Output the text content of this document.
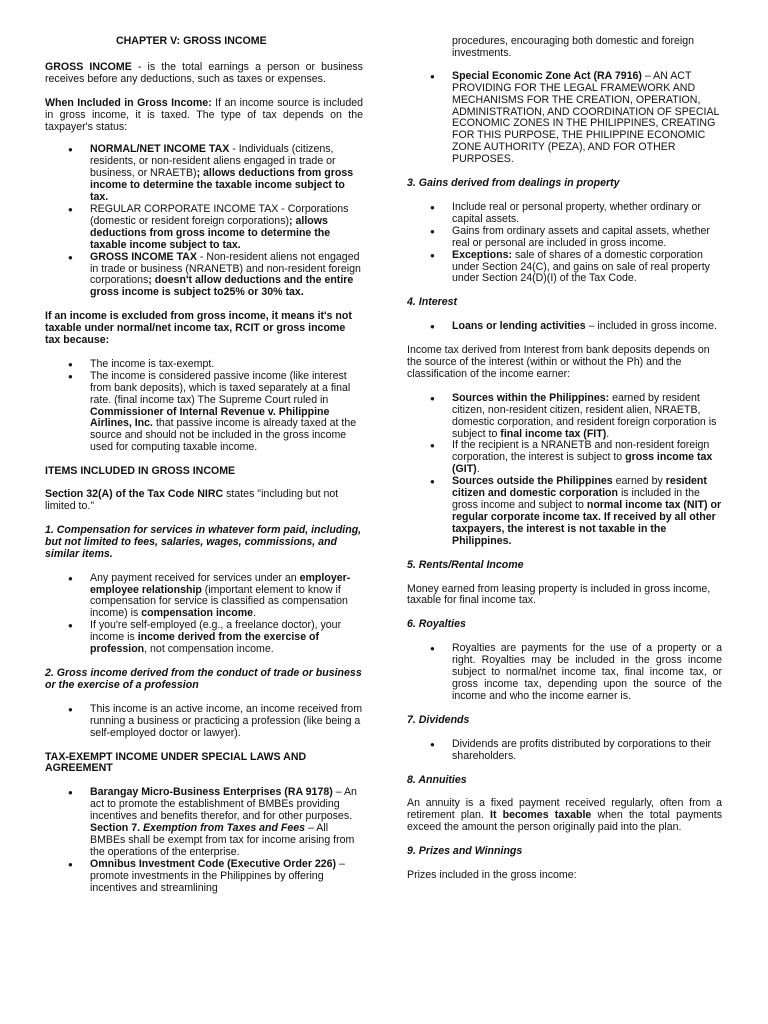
CHAPTER V: GROSS INCOME

GROSS INCOME - is the total earnings a person or business receives before any deductions, such as taxes or expenses.

When Included in Gross Income: If an income source is included in gross income, it is taxed. The type of tax depends on the taxpayer's status:

● NORMAL/NET INCOME TAX - Individuals (citizens, residents, or non-resident aliens engaged in trade or business, or NRAETB); allows deductions from gross income to determine the taxable income subject to tax.
● REGULAR CORPORATE INCOME TAX - Corporations (domestic or resident foreign corporations); allows deductions from gross income to determine the taxable income subject to tax.
● GROSS INCOME TAX - Non-resident aliens not engaged in trade or business (NRANETB) and non-resident foreign corporations; doesn't allow deductions and the entire gross income is subject to25% or 30% tax.

If an income is excluded from gross income, it means it's not taxable under normal/net income tax, RCIT or gross income tax because:

● The income is tax-exempt.
● The income is considered passive income (like interest from bank deposits), which is taxed separately at a final rate. (final income tax) The Supreme Court ruled in Commissioner of Internal Revenue v. Philippine Airlines, Inc. that passive income is already taxed at the source and should not be included in the gross income used for computing taxable income.

ITEMS INCLUDED IN GROSS INCOME

Section 32(A) of the Tax Code NIRC states "including but not limited to."

1. Compensation for services in whatever form paid, including, but not limited to fees, salaries, wages, commissions, and similar items.

● Any payment received for services under an employer-employee relationship (important element to know if compensation for service is classified as compensation income) is compensation income.
● If you're self-employed (e.g., a freelance doctor), your income is income derived from the exercise of profession, not compensation income.

2. Gross income derived from the conduct of trade or business or the exercise of a profession

● This income is an active income, an income received from running a business or practicing a profession (like being a self-employed doctor or lawyer).

TAX-EXEMPT INCOME UNDER SPECIAL LAWS AND AGREEMENT

● Barangay Micro-Business Enterprises (RA 9178) – An act to promote the establishment of BMBEs providing incentives and benefits therefor, and for other purposes.
Section 7. Exemption from Taxes and Fees – All BMBEs shall be exempt from tax for income arising from the operations of the enterprise.
● Omnibus Investment Code (Executive Order 226) – promote investments in the Philippines by offering incentives and streamlining

procedures, encouraging both domestic and foreign investments.

● Special Economic Zone Act (RA 7916) – AN ACT PROVIDING FOR THE LEGAL FRAMEWORK AND MECHANISMS FOR THE CREATION, OPERATION, ADMINISTRATION, AND COORDINATION OF SPECIAL ECONOMIC ZONES IN THE PHILIPPINES, CREATING FOR THIS PURPOSE, THE PHILIPPINE ECONOMIC ZONE AUTHORITY (PEZA), AND FOR OTHER PURPOSES.

3. Gains derived from dealings in property

● Include real or personal property, whether ordinary or capital assets.
● Gains from ordinary assets and capital assets, whether real or personal are included in gross income.
● Exceptions: sale of shares of a domestic corporation under Section 24(C), and gains on sale of real property under Section 24(D)(I) of the Tax Code.

4. Interest

● Loans or lending activities – included in gross income.

Income tax derived from Interest from bank deposits depends on the source of the interest (within or without the Ph) and the classification of the income earner:

● Sources within the Philippines: earned by resident citizen, non-resident citizen, resident alien, NRAETB, domestic corporation, and resident foreign corporation is subject to final income tax (FIT).
● If the recipient is a NRANETB and non-resident foreign corporation, the interest is subject to gross income tax (GIT).
● Sources outside the Philippines earned by resident citizen and domestic corporation is included in the gross income and subject to normal income tax (NIT) or regular corporate income tax. If received by all other taxpayers, the interest is not taxable in the Philippines.

5. Rents/Rental Income

Money earned from leasing property is included in gross income, taxable for final income tax.

6. Royalties

● Royalties are payments for the use of a property or a right. Royalties may be included in the gross income subject to normal/net income tax, final income tax, or gross income tax, depending upon the source of the income and who the income earner is.

7. Dividends

● Dividends are profits distributed by corporations to their shareholders.

8. Annuities

An annuity is a fixed payment received regularly, often from a retirement plan. It becomes taxable when the total payments exceed the amount the person originally paid into the plan.

9. Prizes and Winnings

Prizes included in the gross income:
